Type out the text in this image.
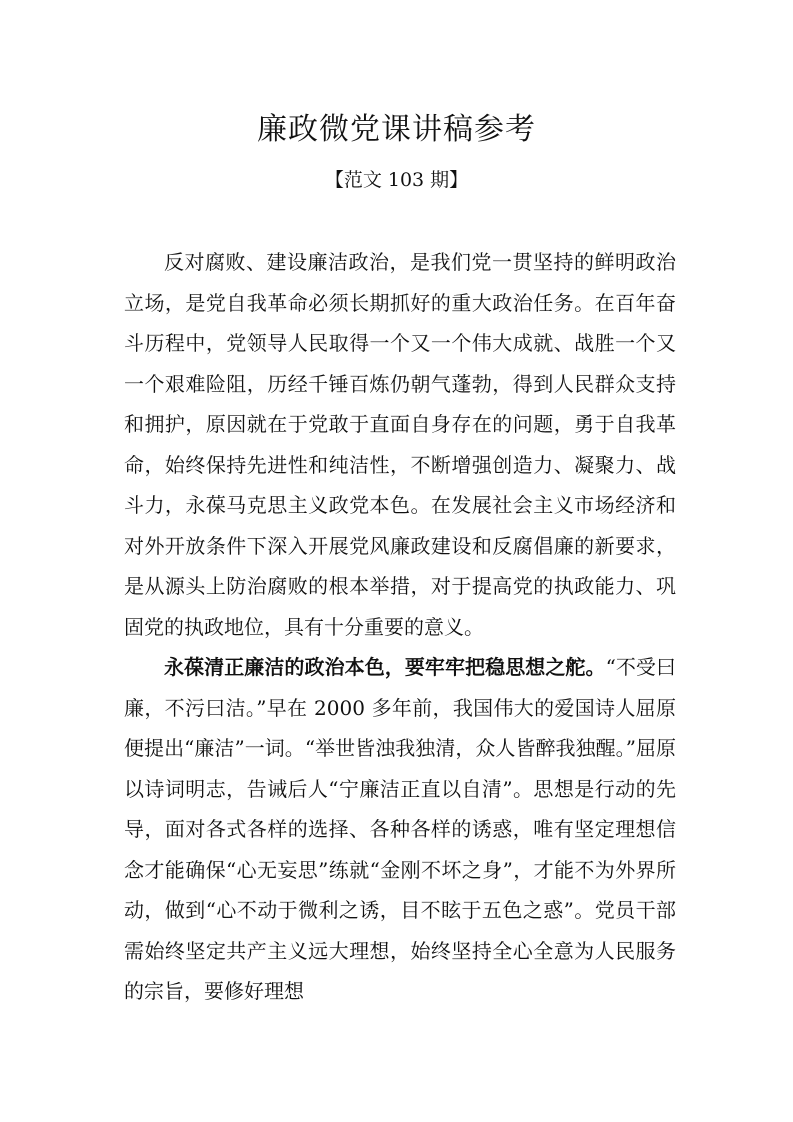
廉政微党课讲稿参考
【范文 103 期】

反对腐败、建设廉洁政治，是我们党一贯坚持的鲜明政治立场，是党自我革命必须长期抓好的重大政治任务。在百年奋斗历程中，党领导人民取得一个又一个伟大成就、战胜一个又一个艰难险阻，历经千锤百炼仍朝气蓬勃，得到人民群众支持和拥护，原因就在于党敢于直面自身存在的问题，勇于自我革命，始终保持先进性和纯洁性，不断增强创造力、凝聚力、战斗力，永葆马克思主义政党本色。在发展社会主义市场经济和对外开放条件下深入开展党风廉政建设和反腐倡廉的新要求，是从源头上防治腐败的根本举措，对于提高党的执政能力、巩固党的执政地位，具有十分重要的意义。

永葆清正廉洁的政治本色，要牢牢把稳思想之舵。“不受曰廉，不污曰洁。”早在 2000 多年前，我国伟大的爱国诗人屈原便提出“廉洁”一词。“举世皆浊我独清，众人皆醉我独醒。”屈原以诗词明志，告诫后人“宁廉洁正直以自清”。思想是行动的先导，面对各式各样的选择、各种各样的诱惑，唯有坚定理想信念才能确保“心无妄思”练就“金刚不坏之身”，才能不为外界所动，做到“心不动于微利之诱，目不眩于五色之惑”。党员干部需始终坚定共产主义远大理想，始终坚持全心全意为人民服务的宗旨，要修好理想
